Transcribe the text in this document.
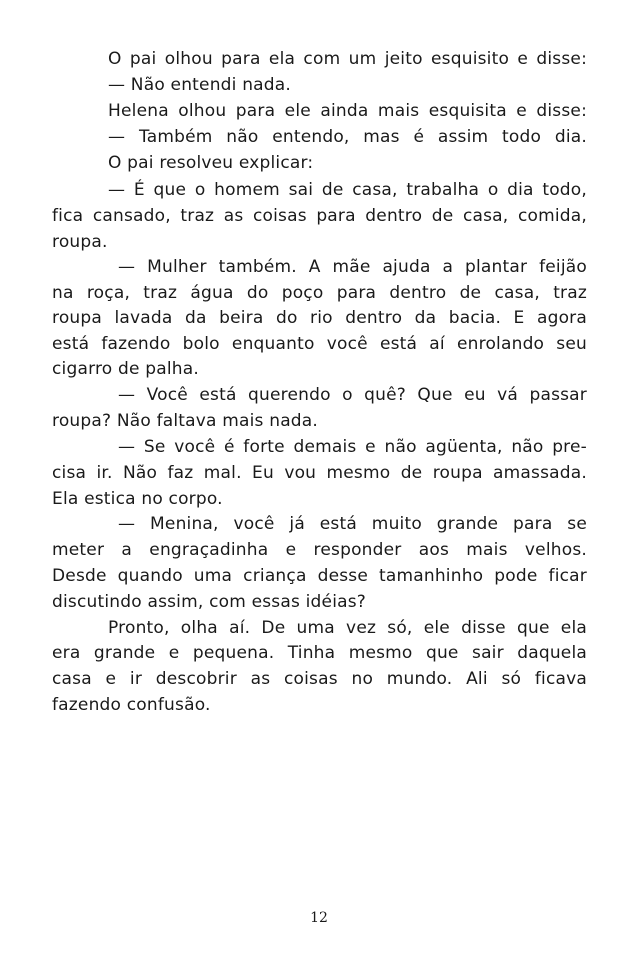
O pai olhou para ela com um jeito esquisito e disse:
— Não entendi nada.
Helena olhou para ele ainda mais esquisita e disse:
— Também não entendo, mas é assim todo dia.
O pai resolveu explicar:
— É que o homem sai de casa, trabalha o dia todo,
fica cansado, traz as coisas para dentro de casa, comida,
roupa.
— Mulher também. A mãe ajuda a plantar feijão
na roça, traz água do poço para dentro de casa, traz
roupa lavada da beira do rio dentro da bacia. E agora
está fazendo bolo enquanto você está aí enrolando seu
cigarro de palha.
— Você está querendo o quê? Que eu vá passar
roupa? Não faltava mais nada.
— Se você é forte demais e não agüenta, não pre-
cisa ir. Não faz mal. Eu vou mesmo de roupa amassada.
Ela estica no corpo.
— Menina, você já está muito grande para se
meter a engraçadinha e responder aos mais velhos.
Desde quando uma criança desse tamanhinho pode ficar
discutindo assim, com essas idéias?
Pronto, olha aí. De uma vez só, ele disse que ela
era grande e pequena. Tinha mesmo que sair daquela
casa e ir descobrir as coisas no mundo. Ali só ficava
fazendo confusão.
12
